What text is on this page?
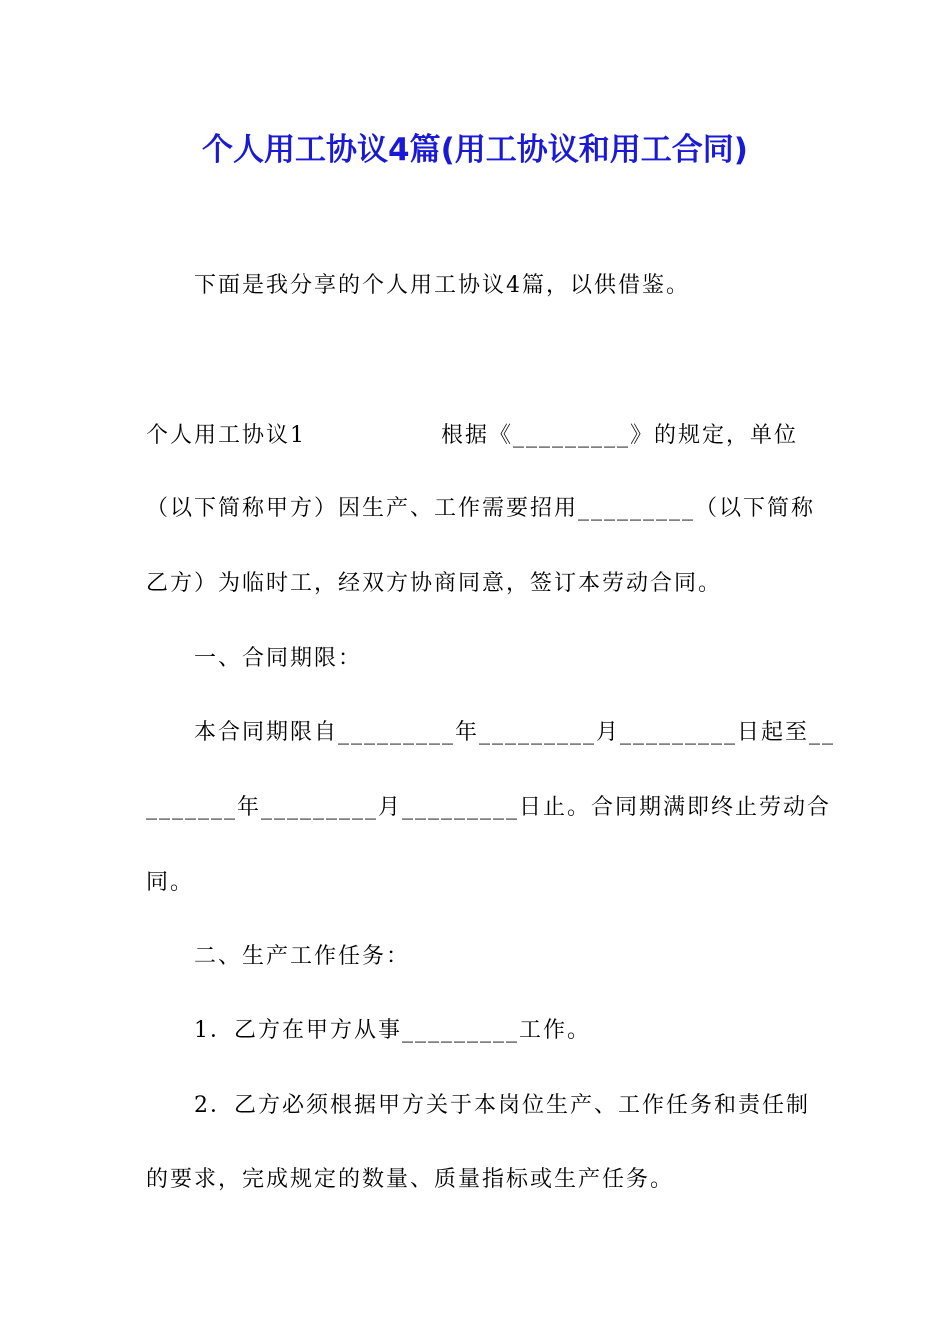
个人用工协议4篇(用工协议和用工合同)
下面是我分享的个人用工协议4篇，以供借鉴。
个人用工协议1	根据《_________》的规定，单位
（以下简称甲方）因生产、工作需要招用_________（以下简称
乙方）为临时工，经双方协商同意，签订本劳动合同。
一、合同期限：
本合同期限自_________年_________月_________日起至__
_______年_________月_________日止。合同期满即终止劳动合
同。
二、生产工作任务：
1．乙方在甲方从事_________工作。
2．乙方必须根据甲方关于本岗位生产、工作任务和责任制
的要求，完成规定的数量、质量指标或生产任务。
